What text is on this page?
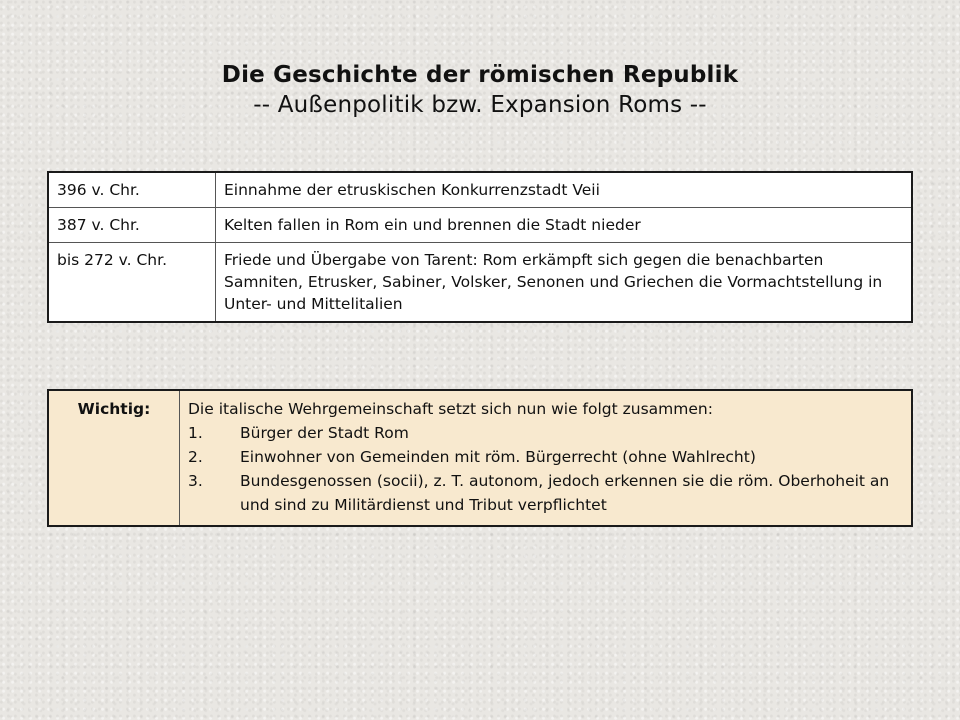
Die Geschichte der römischen Republik
-- Außenpolitik bzw. Expansion Roms --
396 v. Chr.	Einnahme der etruskischen Konkurrenzstadt Veii
387 v. Chr.	Kelten fallen in Rom ein und brennen die Stadt nieder
bis 272 v. Chr.	Friede und Übergabe von Tarent: Rom erkämpft sich gegen die benachbarten Samniten, Etrusker, Sabiner, Volsker, Senonen und Griechen die Vormachtstellung in Unter- und Mittelitalien
Wichtig:	Die italische Wehrgemeinschaft setzt sich nun wie folgt zusammen:
1.	Bürger der Stadt Rom
2.	Einwohner von Gemeinden mit röm. Bürgerrecht (ohne Wahlrecht)
3.	Bundesgenossen (socii), z. T. autonom, jedoch erkennen sie die röm. Oberhoheit an und sind zu Militärdienst und Tribut verpflichtet
